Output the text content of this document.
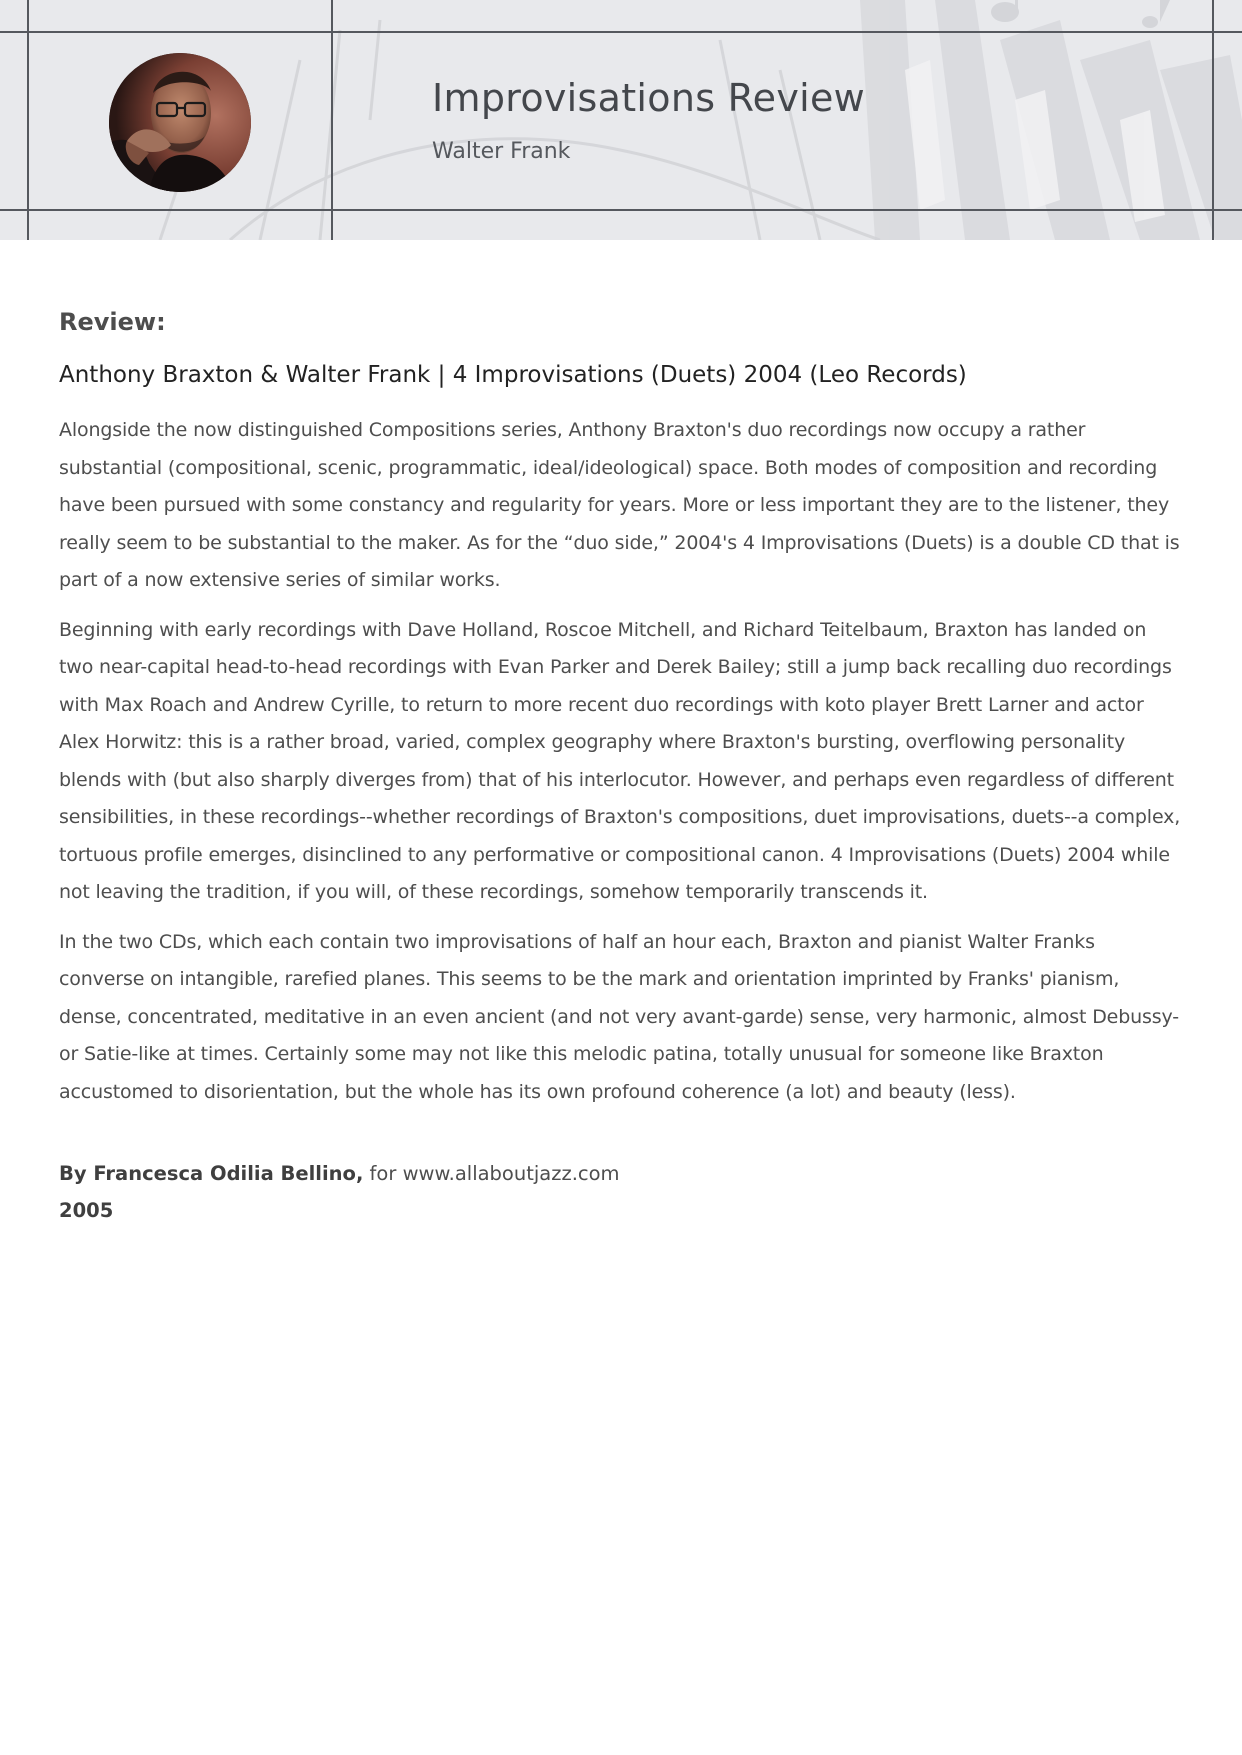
Improvisations Review
Walter Frank
Review:
Anthony Braxton & Walter Frank | 4 Improvisations (Duets) 2004 (Leo Records)

Alongside the now distinguished Compositions series, Anthony Braxton's duo recordings now occupy a rather substantial (compositional, scenic, programmatic, ideal/ideological) space. Both modes of composition and recording have been pursued with some constancy and regularity for years. More or less important they are to the listener, they really seem to be substantial to the maker. As for the “duo side,” 2004's 4 Improvisations (Duets) is a double CD that is part of a now extensive series of similar works.

Beginning with early recordings with Dave Holland, Roscoe Mitchell, and Richard Teitelbaum, Braxton has landed on two near-capital head-to-head recordings with Evan Parker and Derek Bailey; still a jump back recalling duo recordings with Max Roach and Andrew Cyrille, to return to more recent duo recordings with koto player Brett Larner and actor Alex Horwitz: this is a rather broad, varied, complex geography where Braxton's bursting, overflowing personality blends with (but also sharply diverges from) that of his interlocutor. However, and perhaps even regardless of different sensibilities, in these recordings--whether recordings of Braxton's compositions, duet improvisations, duets--a complex, tortuous profile emerges, disinclined to any performative or compositional canon. 4 Improvisations (Duets) 2004 while not leaving the tradition, if you will, of these recordings, somehow temporarily transcends it.

In the two CDs, which each contain two improvisations of half an hour each, Braxton and pianist Walter Franks converse on intangible, rarefied planes. This seems to be the mark and orientation imprinted by Franks' pianism, dense, concentrated, meditative in an even ancient (and not very avant-garde) sense, very harmonic, almost Debussy- or Satie-like at times. Certainly some may not like this melodic patina, totally unusual for someone like Braxton accustomed to disorientation, but the whole has its own profound coherence (a lot) and beauty (less).

By Francesca Odilia Bellino, for www.allaboutjazz.com
2005
